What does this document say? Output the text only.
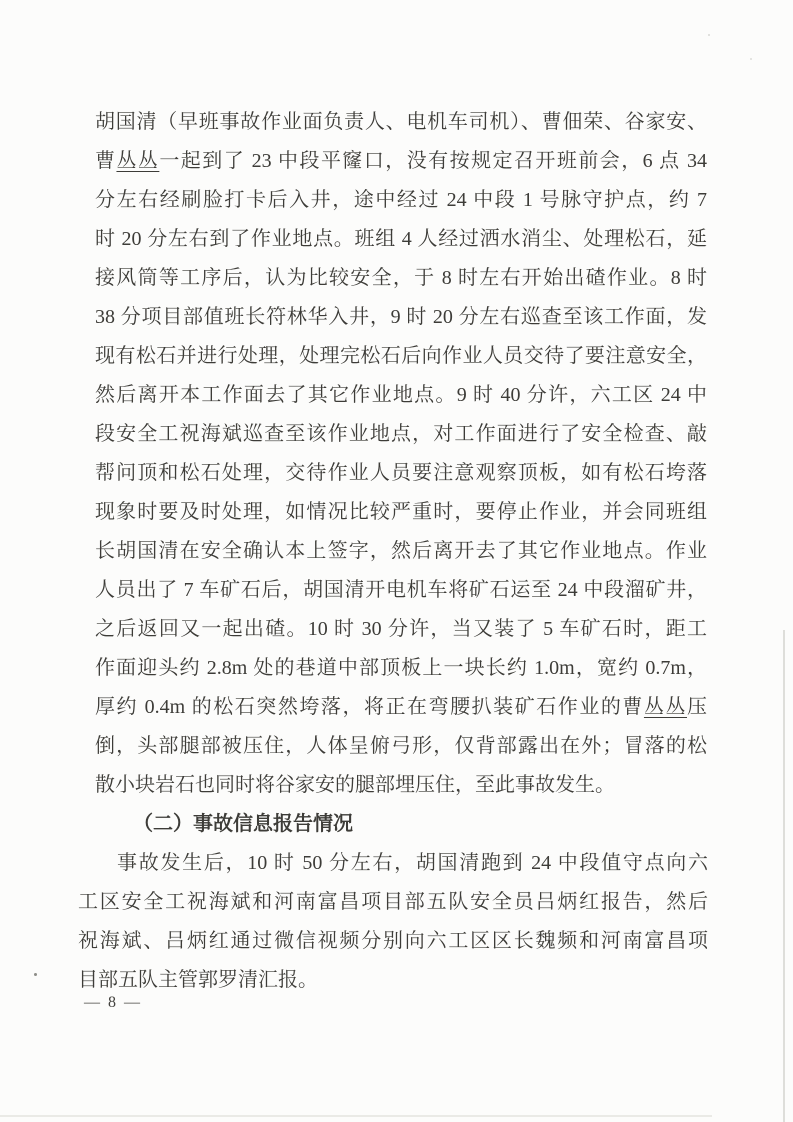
胡国清（早班事故作业面负责人、电机车司机）、曹佃荣、谷家安、
曹丛丛一起到了 23 中段平窿口，没有按规定召开班前会，6 点 34
分左右经刷脸打卡后入井，途中经过 24 中段 1 号脉守护点，约 7
时 20 分左右到了作业地点。班组 4 人经过洒水消尘、处理松石，延
接风筒等工序后，认为比较安全，于 8 时左右开始出碴作业。8 时
38 分项目部值班长符林华入井，9 时 20 分左右巡查至该工作面，发
现有松石并进行处理，处理完松石后向作业人员交待了要注意安全，
然后离开本工作面去了其它作业地点。9 时 40 分许，六工区 24 中
段安全工祝海斌巡查至该作业地点，对工作面进行了安全检查、敲
帮问顶和松石处理，交待作业人员要注意观察顶板，如有松石垮落
现象时要及时处理，如情况比较严重时，要停止作业，并会同班组
长胡国清在安全确认本上签字，然后离开去了其它作业地点。作业
人员出了 7 车矿石后，胡国清开电机车将矿石运至 24 中段溜矿井，
之后返回又一起出碴。10 时 30 分许，当又装了 5 车矿石时，距工
作面迎头约 2.8m 处的巷道中部顶板上一块长约 1.0m，宽约 0.7m，
厚约 0.4m 的松石突然垮落，将正在弯腰扒装矿石作业的曹丛丛压
倒，头部腿部被压住，人体呈俯弓形，仅背部露出在外；冒落的松
散小块岩石也同时将谷家安的腿部埋压住，至此事故发生。
（二）事故信息报告情况
事故发生后，10 时 50 分左右，胡国清跑到 24 中段值守点向六
工区安全工祝海斌和河南富昌项目部五队安全员吕炳红报告，然后
祝海斌、吕炳红通过微信视频分别向六工区区长魏频和河南富昌项
目部五队主管郭罗清汇报。
— 8 —
